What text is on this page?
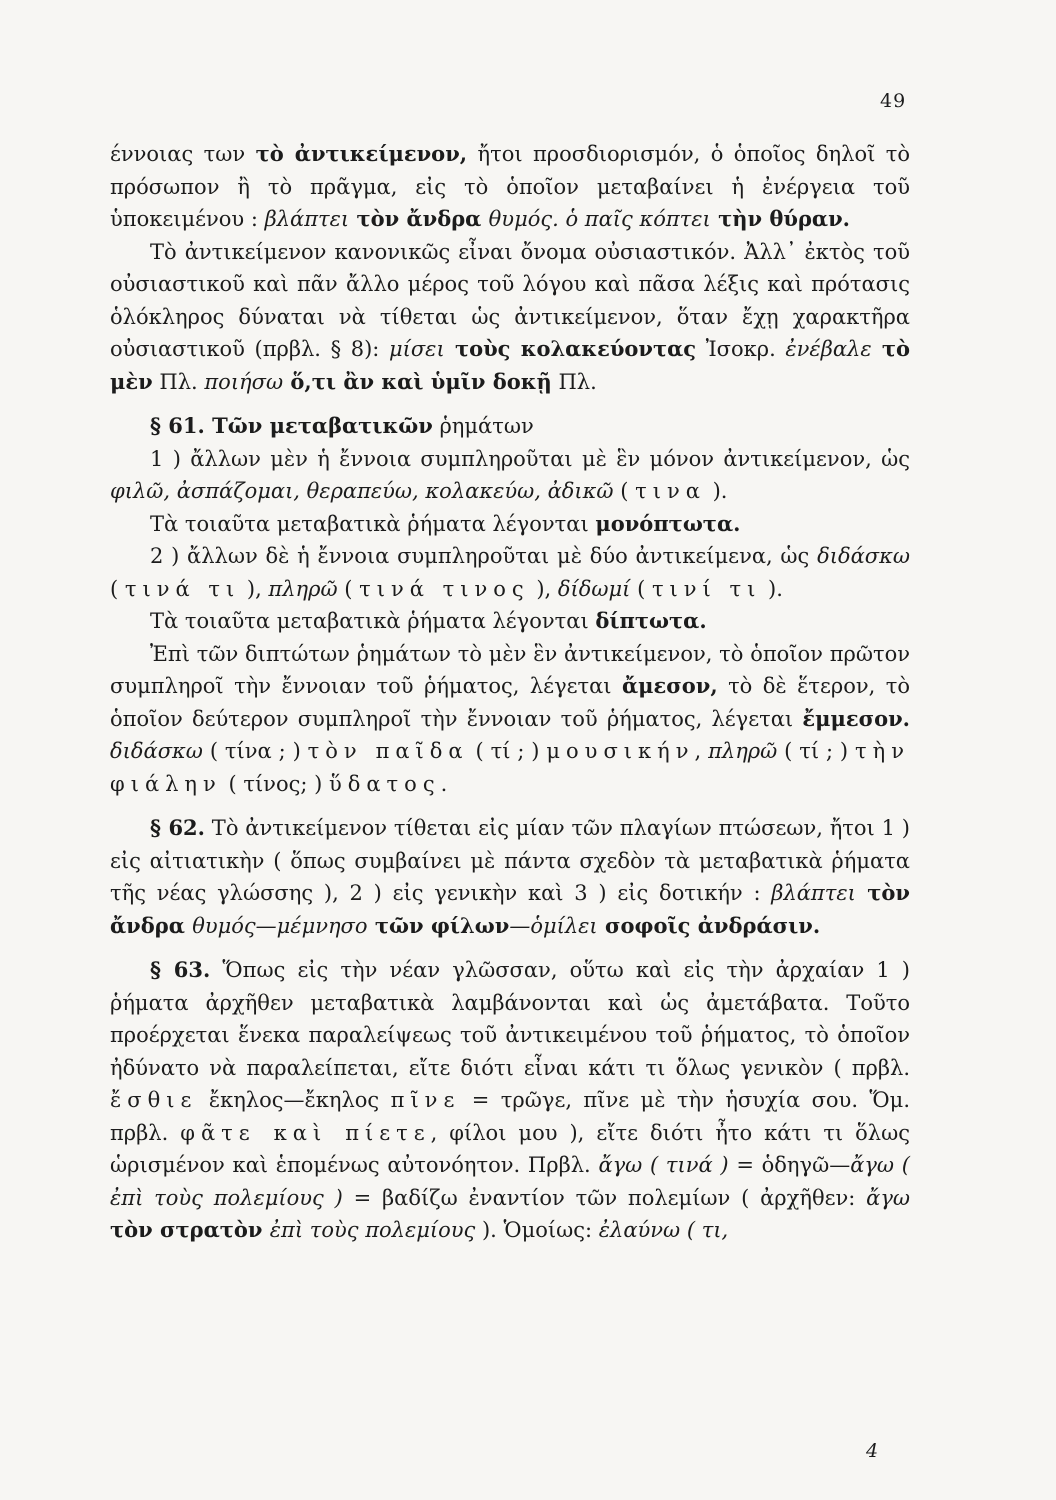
49

έννοιας των τὸ ἀντικείμενον, ἤτοι προσδιορισμόν, ὁ ὁποῖος δηλοῖ τὸ πρόσωπον ἢ τὸ πρᾶγμα, εἰς τὸ ὁποῖον μεταβαίνει ἡ ἐνέργεια τοῦ ὑποκειμένου : βλάπτει τὸν ἄνδρα θυμός. ὁ παῖς κόπτει τὴν θύραν.

Τὸ ἀντικείμενον κανονικῶς εἶναι ὄνομα οὐσιαστικόν. Ἀλλ᾽ ἐκτὸς τοῦ οὐσιαστικοῦ καὶ πᾶν ἄλλο μέρος τοῦ λόγου καὶ πᾶσα λέξις καὶ πρότασις ὁλόκληρος δύναται νὰ τίθεται ὡς ἀντικείμενον, ὅταν ἔχῃ χαρακτῆρα οὐσιαστικοῦ (πρβλ. § 8): μίσει τοὺς κολακεύοντας Ἰσοκρ. ἐνέβαλε τὸ μὲν Πλ. ποιήσω ὅ,τι ἂν καὶ ὑμῖν δοκῇ Πλ.

§ 61. Τῶν μεταβατικῶν ῥημάτων

1 ) ἄλλων μὲν ἡ ἔννοια συμπληροῦται μὲ ἓν μόνον ἀντικείμενον, ὡς φιλῶ, ἀσπάζομαι, θεραπεύω, κολακεύω, ἀδικῶ ( τινα ).

Τὰ τοιαῦτα μεταβατικὰ ῥήματα λέγονται μονόπτωτα.

2 ) ἄλλων δὲ ἡ ἔννοια συμπληροῦται μὲ δύο ἀντικείμενα, ὡς διδάσκω ( τινά τι ), πληρῶ ( τινά τινος ), δίδωμί ( τινί τι ).

Τὰ τοιαῦτα μεταβατικὰ ῥήματα λέγονται δίπτωτα.

Ἐπὶ τῶν διπτώτων ῥημάτων τὸ μὲν ἓν ἀντικείμενον, τὸ ὁποῖον πρῶτον συμπληροῖ τὴν ἔννοιαν τοῦ ῥήματος, λέγεται ἄμεσον, τὸ δὲ ἕτερον, τὸ ὁποῖον δεύτερον συμπληροῖ τὴν ἔννοιαν τοῦ ῥήματος, λέγεται ἔμμεσον. διδάσκω ( τίνα ; ) τὸν παῖδα ( τί ; ) μουσικήν, πληρῶ ( τί ; ) τὴν φιάλην ( τίνος; ) ὕδατος.

§ 62. Τὸ ἀντικείμενον τίθεται εἰς μίαν τῶν πλαγίων πτώσεων, ἤτοι 1 ) εἰς αἰτιατικὴν ( ὅπως συμβαίνει μὲ πάντα σχεδὸν τὰ μεταβατικὰ ῥήματα τῆς νέας γλώσσης ), 2 ) εἰς γενικὴν καὶ 3 ) εἰς δοτικήν : βλάπτει τὸν ἄνδρα θυμός—μέμνησο τῶν φίλων—ὁμίλει σοφοῖς ἀνδράσιν.

§ 63. Ὅπως εἰς τὴν νέαν γλῶσσαν, οὕτω καὶ εἰς τὴν ἀρχαίαν 1 ) ῥήματα ἀρχῆθεν μεταβατικὰ λαμβάνονται καὶ ὡς ἀμετάβατα. Τοῦτο προέρχεται ἕνεκα παραλείψεως τοῦ ἀντικειμένου τοῦ ῥήματος, τὸ ὁποῖον ἠδύνατο νὰ παραλείπεται, εἴτε διότι εἶναι κάτι τι ὅλως γενικὸν ( πρβλ. ἔσθιε ἔκηλος—ἔκηλος πῖνε = τρῶγε, πῖνε μὲ τὴν ἡσυχία σου. Ὅμ. πρβλ. φᾶτε καὶ πίετε, φίλοι μου ), εἴτε διότι ἦτο κάτι τι ὅλως ὡρισμένον καὶ ἑπομένως αὐτονόητον. Πρβλ. ἄγω ( τινά ) = ὁδηγῶ—ἄγω ( ἐπὶ τοὺς πολεμίους ) = βαδίζω ἐναντίον τῶν πολεμίων ( ἀρχῆθεν: ἄγω τὸν στρατὸν ἐπὶ τοὺς πολεμίους ). Ὁμοίως: ἐλαύνω ( τι,

4
